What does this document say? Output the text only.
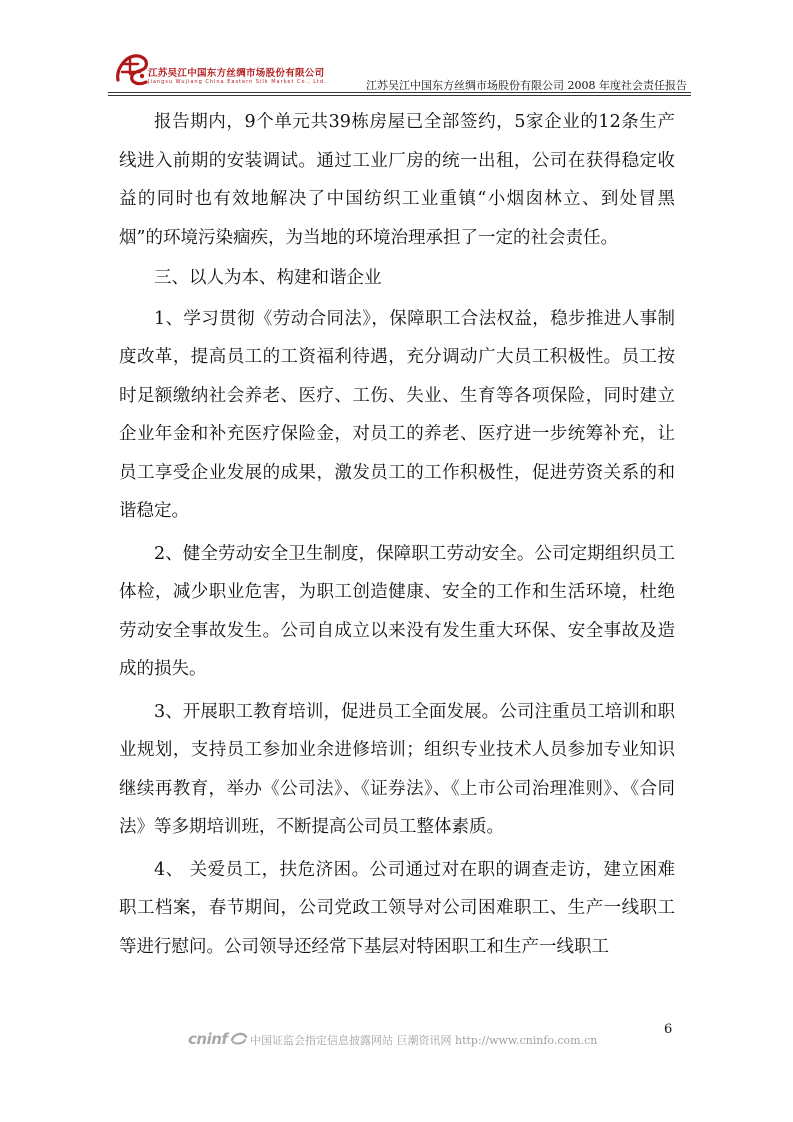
江苏吴江中国东方丝绸市场股份有限公司
Jiangsu Wujiang China Eastern Silk Market Co., Ltd.	江苏吴江中国东方丝绸市场股份有限公司 2008 年度社会责任报告

报告期内，9个单元共39栋房屋已全部签约，5家企业的12条生产线进入前期的安装调试。通过工业厂房的统一出租，公司在获得稳定收益的同时也有效地解决了中国纺织工业重镇“小烟囱林立、到处冒黑烟”的环境污染痼疾，为当地的环境治理承担了一定的社会责任。

三、以人为本、构建和谐企业

1、学习贯彻《劳动合同法》，保障职工合法权益，稳步推进人事制度改革，提高员工的工资福利待遇，充分调动广大员工积极性。员工按时足额缴纳社会养老、医疗、工伤、失业、生育等各项保险，同时建立企业年金和补充医疗保险金，对员工的养老、医疗进一步统筹补充，让员工享受企业发展的成果，激发员工的工作积极性，促进劳资关系的和谐稳定。

2、健全劳动安全卫生制度，保障职工劳动安全。公司定期组织员工体检，减少职业危害，为职工创造健康、安全的工作和生活环境，杜绝劳动安全事故发生。公司自成立以来没有发生重大环保、安全事故及造成的损失。

3、开展职工教育培训，促进员工全面发展。公司注重员工培训和职业规划，支持员工参加业余进修培训；组织专业技术人员参加专业知识继续再教育，举办《公司法》、《证券法》、《上市公司治理准则》、《合同法》等多期培训班，不断提高公司员工整体素质。

4、 关爱员工，扶危济困。公司通过对在职的调查走访，建立困难职工档案，春节期间，公司党政工领导对公司困难职工、生产一线职工等进行慰问。公司领导还经常下基层对特困职工和生产一线职工

6
cninf 中国证监会指定信息披露网站 巨潮资讯网 http://www.cninfo.com.cn
